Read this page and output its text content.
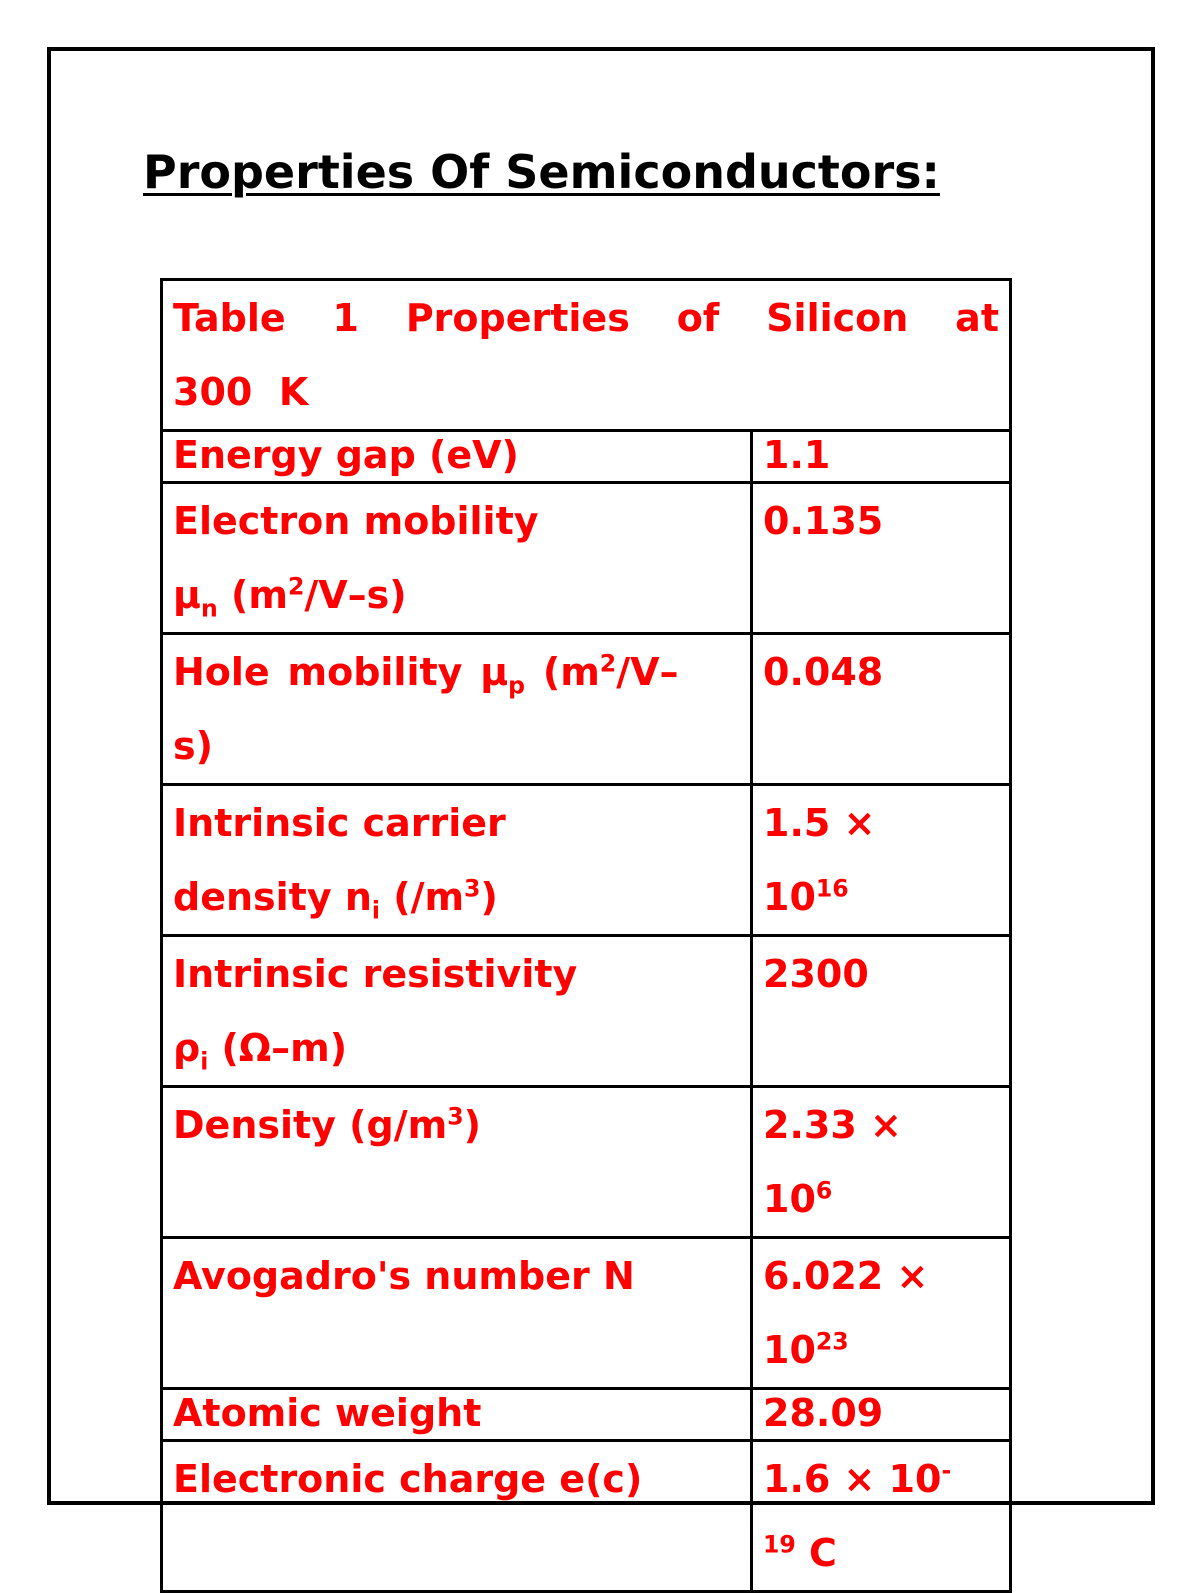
Properties Of Semiconductors:
Table 1 Properties of Silicon at 300 K	
Energy gap (eV)	1.1

Electron mobility
$\mu_n$ $(m^2/V-s)$	0.135

Hole mobility $\mu_p$ ($m^2/V-$
s)	0.048

Intrinsic carrier
density $n_i$ $(/m^3)$	1.5 ×
$10^{16}$

Intrinsic resistivity
$\rho_i$ (Ω–m)	2300

Density $(g/m^3)$	2.33 ×
$10^6$

Avogadro's number N	6.022 ×
$10^{23}$

Atomic weight	28.09
Electronic charge e(c)	1.6 × 10-
$^{19}$ C
